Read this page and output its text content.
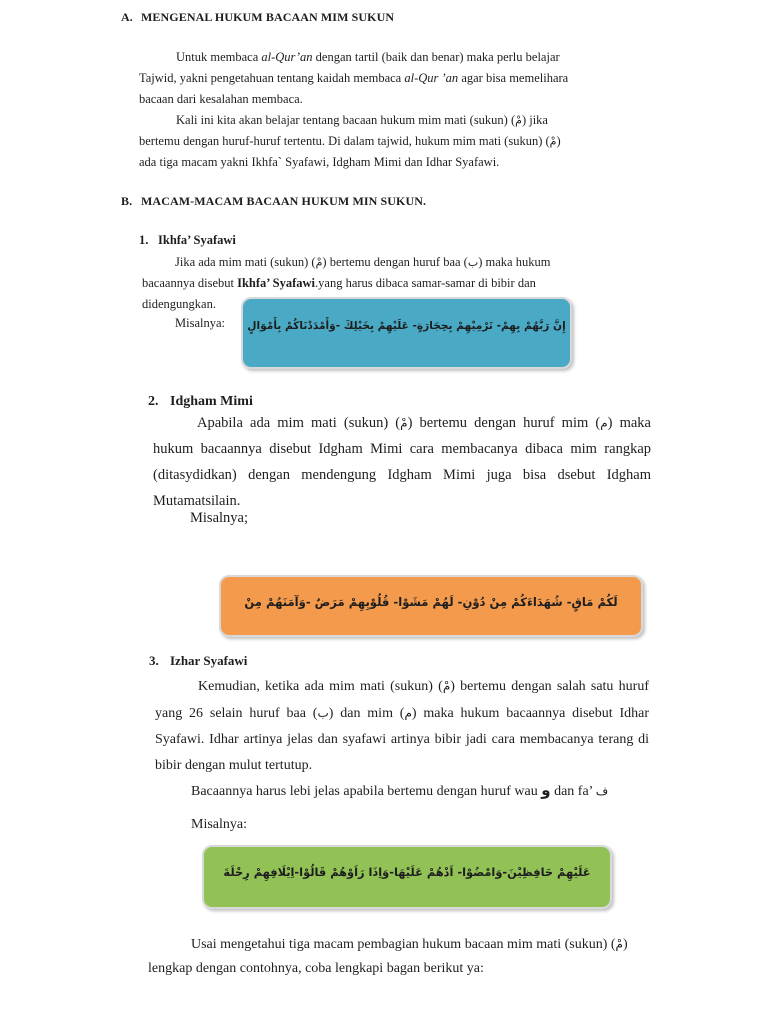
A. MENGENAL HUKUM BACAAN MIM SUKUN
Untuk membaca al-Qur’an dengan tartil (baik dan benar) maka perlu belajar
Tajwid, yakni pengetahuan tentang kaidah membaca al-Qur ’an agar bisa memelihara
bacaan dari kesalahan membaca.
Kali ini kita akan belajar tentang bacaan hukum mim mati (sukun) (مْ) jika
bertemu dengan huruf-huruf tertentu. Di dalam tajwid, hukum mim mati (sukun) (مْ)
ada tiga macam yakni Ikhfa` Syafawi, Idgham Mimi dan Idhar Syafawi.
B. MACAM-MACAM BACAAN HUKUM MIN SUKUN.
1. Ikhfa’ Syafawi
Jika ada mim mati (sukun) (مْ) bertemu dengan huruf baa (ب) maka hukum
bacaannya disebut Ikhfa’ Syafawi.yang harus dibaca samar-samar di bibir dan
didengungkan.
Misalnya:	إِنَّ رَبَّهُمْ بِهِمْ- تَرْمِيْهِمْ بِحِجَارَةٍ- عَلَيْهِمْ بِخَيْلِكَ -وَأَمْدَدْنَاكُمْ بِأَمْوَالٍ
2. Idgham Mimi
Apabila ada mim mati (sukun) (مْ) bertemu dengan huruf mim (م) maka
hukum bacaannya disebut Idgham Mimi cara membacanya dibaca mim rangkap
(ditasydidkan) dengan mendengung Idgham Mimi juga bisa dsebut Idgham
Mutamatsilain.
Misalnya;
لَكُمْ مَاقٍ- شُهَدَاءَكُمْ مِنْ دُوْنِ- لَهُمْ مَشَوْا- قُلُوْبِهِمْ مَرَضٌ -وَآمَنَهُمْ مِنْ
3. Izhar Syafawi
Kemudian, ketika ada mim mati (sukun) (مْ) bertemu dengan salah satu huruf
yang 26 selain huruf baa (ب) dan mim (م) maka hukum bacaannya disebut Idhar
Syafawi. Idhar artinya jelas dan syafawi artinya bibir jadi cara membacanya terang di
bibir dengan mulut tertutup.
Bacaannya harus lebi jelas apabila bertemu dengan huruf wau و dan fa’ ف
Misalnya:
عَلَيْهِمْ حَافِظِيْنَ-وَامْضُوْا- اَدْهُمْ عَلَيْهَا-وَاِذَا رَاَوْهُمْ قَالُوْا-اِيْلَافِهِمْ رِحْلَةَ
Usai mengetahui tiga macam pembagian hukum bacaan mim mati (sukun) (مْ)
lengkap dengan contohnya, coba lengkapi bagan berikut ya:
